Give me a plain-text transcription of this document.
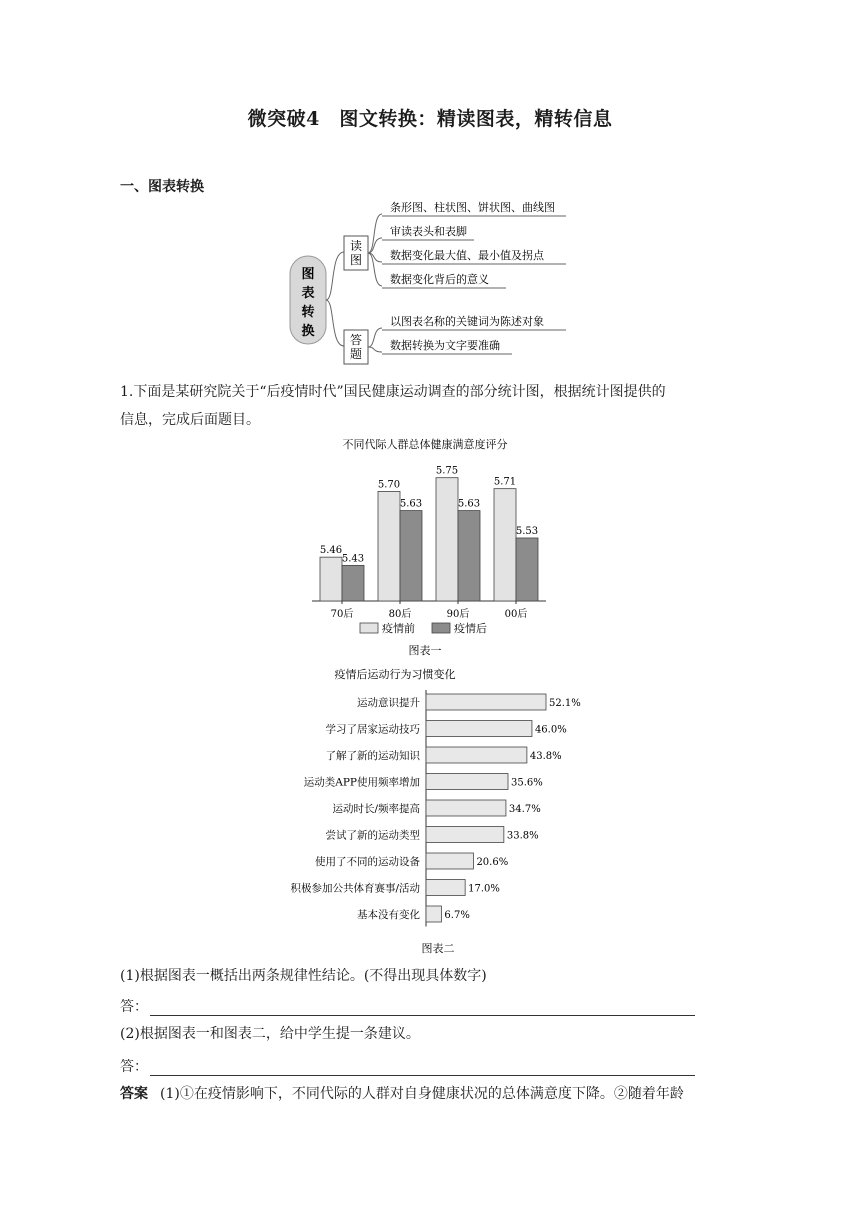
微突破4　图文转换：精读图表，精转信息
一、图表转换
图表转换
读图
答题
条形图、柱状图、饼状图、曲线图
审读表头和表脚
数据变化最大值、最小值及拐点
数据变化背后的意义
以图表名称的关键词为陈述对象
数据转换为文字要准确
1.下面是某研究院关于“后疫情时代”国民健康运动调查的部分统计图，根据统计图提供的
信息，完成后面题目。
不同代际人群总体健康满意度评分
5.46
5.43
70后
5.70
5.63
80后
5.75
5.63
90后
5.71
5.53
00后
疫情前	疫情后
图表一
疫情后运动行为习惯变化
运动意识提升	52.1%
学习了居家运动技巧	46.0%
了解了新的运动知识	43.8%
运动类APP使用频率增加	35.6%
运动时长/频率提高	34.7%
尝试了新的运动类型	33.8%
使用了不同的运动设备	20.6%
积极参加公共体育赛事/活动	17.0%
基本没有变化 6.7%
图表二
(1)根据图表一概括出两条规律性结论。(不得出现具体数字)
答：
(2)根据图表一和图表二，给中学生提一条建议。
答：
答案 (1)①在疫情影响下，不同代际的人群对自身健康状况的总体满意度下降。②随着年龄
